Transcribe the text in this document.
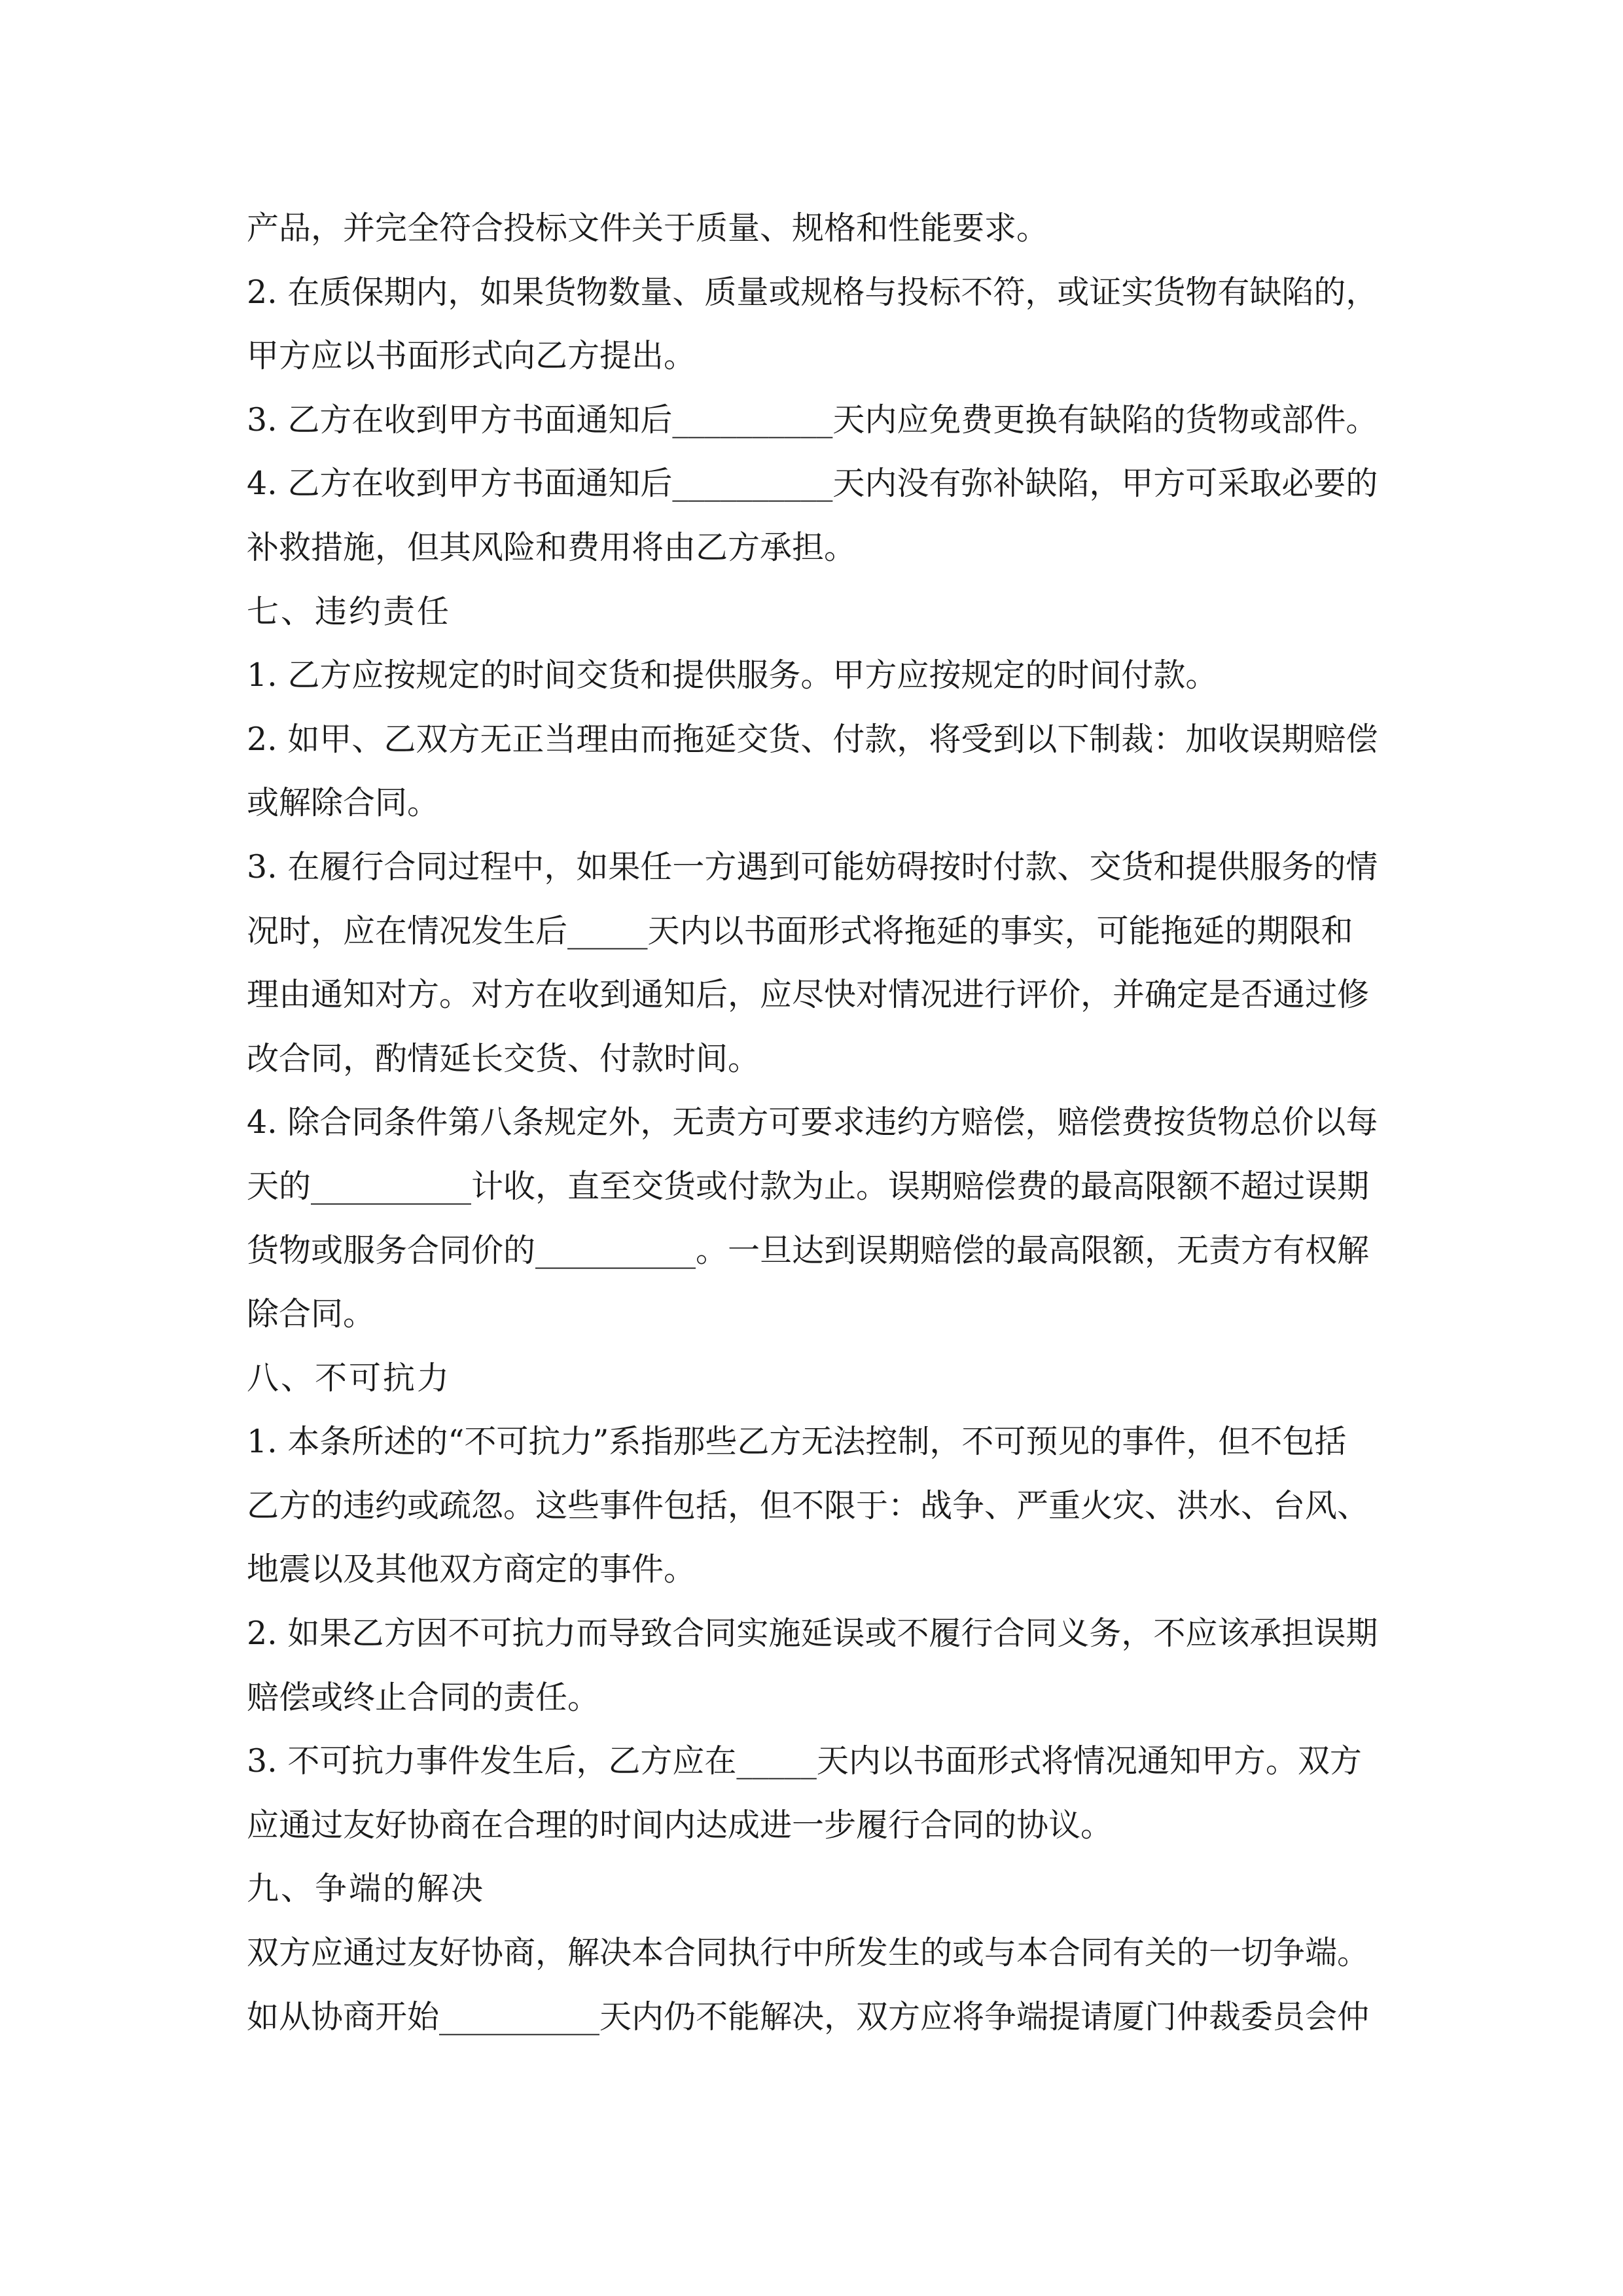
产品，并完全符合投标文件关于质量、规格和性能要求。
2. 在质保期内，如果货物数量、质量或规格与投标不符，或证实货物有缺陷的，
甲方应以书面形式向乙方提出。
3. 乙方在收到甲方书面通知后__________天内应免费更换有缺陷的货物或部件。
4. 乙方在收到甲方书面通知后__________天内没有弥补缺陷，甲方可采取必要的
补救措施，但其风险和费用将由乙方承担。
七、违约责任
1. 乙方应按规定的时间交货和提供服务。甲方应按规定的时间付款。
2. 如甲、乙双方无正当理由而拖延交货、付款，将受到以下制裁：加收误期赔偿
或解除合同。
3. 在履行合同过程中，如果任一方遇到可能妨碍按时付款、交货和提供服务的情
况时，应在情况发生后_____天内以书面形式将拖延的事实，可能拖延的期限和
理由通知对方。对方在收到通知后，应尽快对情况进行评价，并确定是否通过修
改合同，酌情延长交货、付款时间。
4. 除合同条件第八条规定外，无责方可要求违约方赔偿，赔偿费按货物总价以每
天的__________计收，直至交货或付款为止。误期赔偿费的最高限额不超过误期
货物或服务合同价的__________。一旦达到误期赔偿的最高限额，无责方有权解
除合同。
八、不可抗力
1. 本条所述的“不可抗力”系指那些乙方无法控制，不可预见的事件，但不包括
乙方的违约或疏忽。这些事件包括，但不限于：战争、严重火灾、洪水、台风、
地震以及其他双方商定的事件。
2. 如果乙方因不可抗力而导致合同实施延误或不履行合同义务，不应该承担误期
赔偿或终止合同的责任。
3. 不可抗力事件发生后，乙方应在_____天内以书面形式将情况通知甲方。双方
应通过友好协商在合理的时间内达成进一步履行合同的协议。
九、争端的解决
双方应通过友好协商，解决本合同执行中所发生的或与本合同有关的一切争端。
如从协商开始__________天内仍不能解决，双方应将争端提请厦门仲裁委员会仲
